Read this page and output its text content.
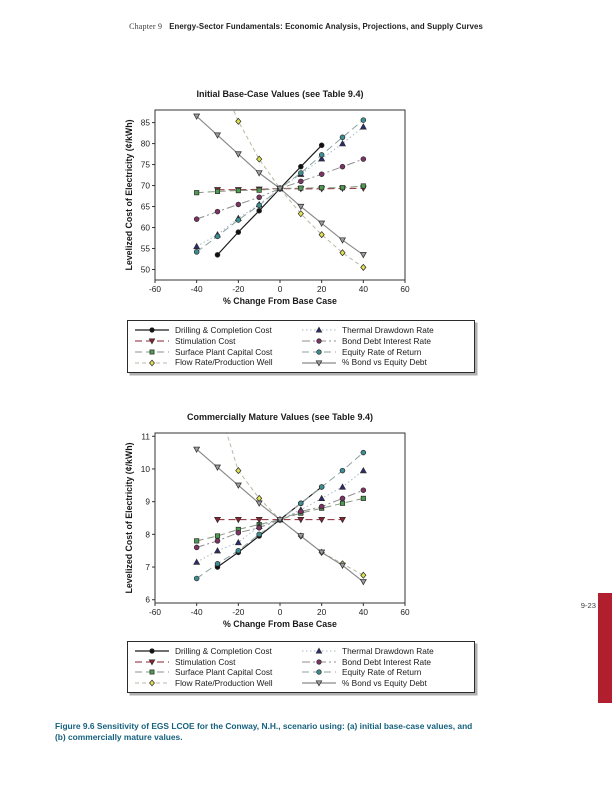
Chapter 9 Energy-Sector Fundamentals: Economic Analysis, Projections, and Supply Curves
-60	-40	-20	0	20	40	60
50
55
60
65
70
75
80
85
Initial Base-Case Values (see Table 9.4)
% Change From Base Case
Levelized Cost of Electricity (¢/kWh)
Drilling & Completion Cost
Stimulation Cost
Surface Plant Capital Cost
Flow Rate/Production Well
Thermal Drawdown Rate
Bond Debt Interest Rate
Equity Rate of Return
% Bond vs Equity Debt
-60	-40	-20	0	20	40	60
6
7
8
9
10
11
Commercially Mature Values (see Table 9.4)
% Change From Base Case
Levelized Cost of Electricity (¢/kWh)
Drilling & Completion Cost
Stimulation Cost
Surface Plant Capital Cost
Flow Rate/Production Well
Thermal Drawdown Rate
Bond Debt Interest Rate
Equity Rate of Return
% Bond vs Equity Debt
Figure 9.6 Sensitivity of EGS LCOE for the Conway, N.H., scenario using: (a) initial base-case values, and
(b) commercially mature values.
9-23
